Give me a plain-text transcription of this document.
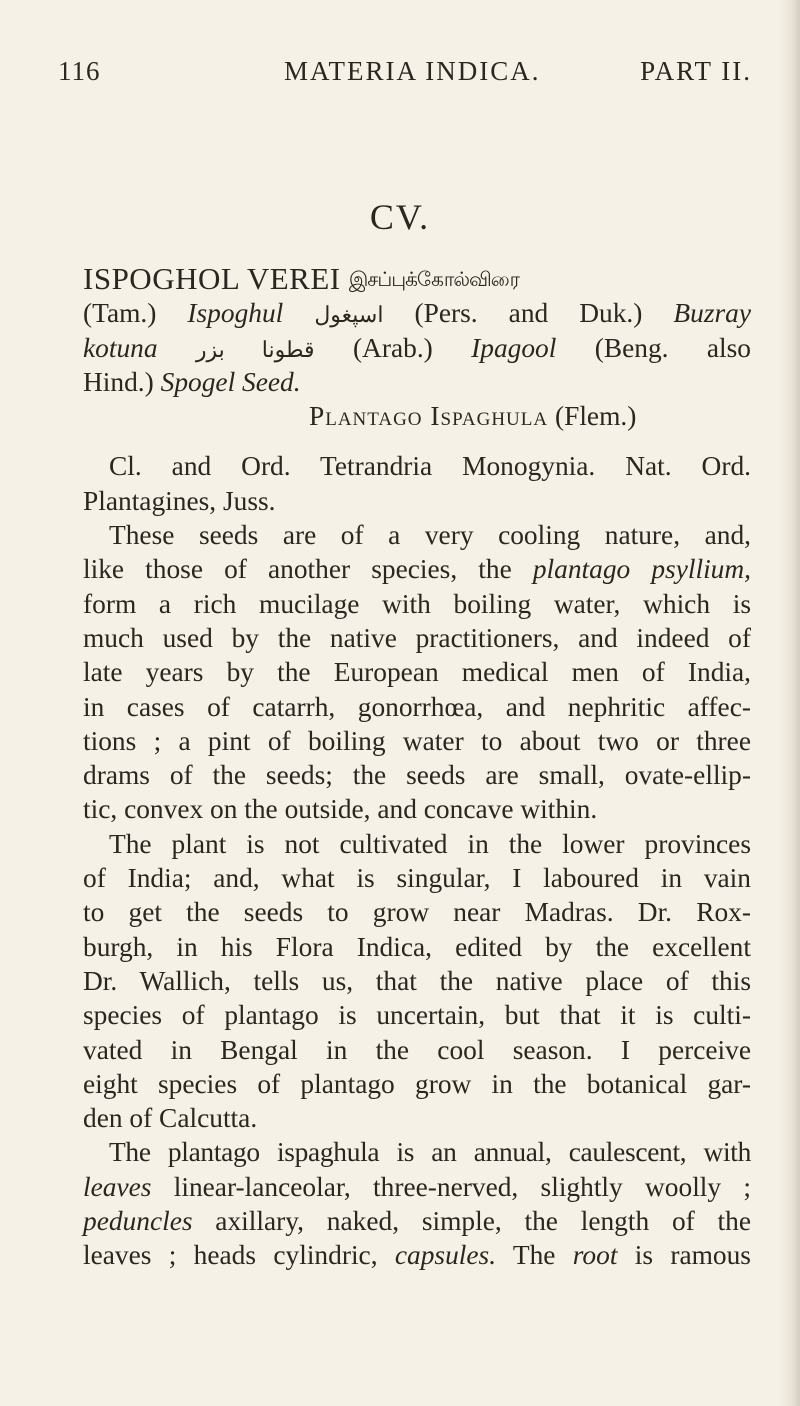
116	MATERIA INDICA.	PART II.
CV.
ISPOGHOL VEREI இசப்புக்கோல்விரை
(Tam.) Ispoghul اسپغول (Pers. and Duk.) Buzray
kotuna قطونا بزر (Arab.) Ipagool (Beng. also
Hind.) Spogel Seed.
Plantago Ispaghula (Flem.)
Cl. and Ord. Tetrandria Monogynia. Nat. Ord.
Plantagines, Juss.
These seeds are of a very cooling nature, and,
like those of another species, the plantago psyllium,
form a rich mucilage with boiling water, which is
much used by the native practitioners, and indeed of
late years by the European medical men of India,
in cases of catarrh, gonorrhœa, and nephritic affec-
tions ; a pint of boiling water to about two or three
drams of the seeds; the seeds are small, ovate-ellip-
tic, convex on the outside, and concave within.
The plant is not cultivated in the lower provinces
of India; and, what is singular, I laboured in vain
to get the seeds to grow near Madras. Dr. Rox-
burgh, in his Flora Indica, edited by the excellent
Dr. Wallich, tells us, that the native place of this
species of plantago is uncertain, but that it is culti-
vated in Bengal in the cool season. I perceive
eight species of plantago grow in the botanical gar-
den of Calcutta.
The plantago ispaghula is an annual, caulescent, with
leaves linear-lanceolar, three-nerved, slightly woolly ;
peduncles axillary, naked, simple, the length of the
leaves ; heads cylindric, capsules. The root is ramous
